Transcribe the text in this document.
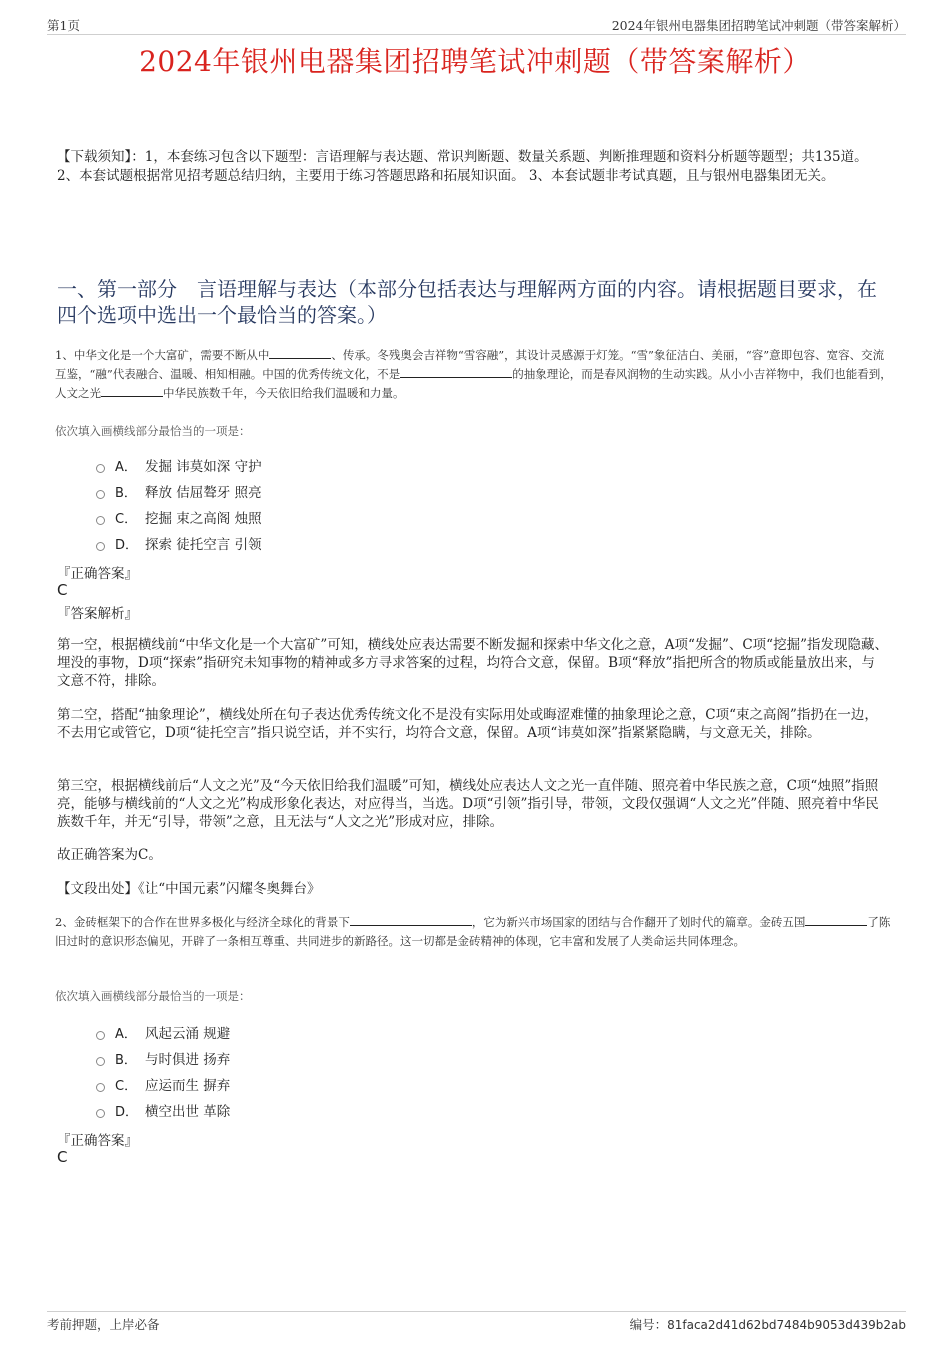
第1页	2024年银州电器集团招聘笔试冲刺题（带答案解析）
2024年银州电器集团招聘笔试冲刺题（带答案解析）
【下载须知】：1，本套练习包含以下题型：言语理解与表达题、常识判断题、数量关系题、判断推理题和资料分析题等题型；共135道。 2、本套试题根据常见招考题总结归纳，主要用于练习答题思路和拓展知识面。 3、本套试题非考试真题，且与银州电器集团无关。
一、第一部分　言语理解与表达（本部分包括表达与理解两方面的内容。请根据题目要求，在四个选项中选出一个最恰当的答案。）
1、中华文化是一个大富矿，需要不断从中	、传承。冬残奥会吉祥物“雪容融”，其设计灵感源于灯笼。“雪”象征洁白、美丽，“容”意即包容、宽容、交流互鉴，“融”代表融合、温暖、相知相融。中国的优秀传统文化，不是	的抽象理论，而是春风润物的生动实践。从小小吉祥物中，我们也能看到，人文之光	中华民族数千年，今天依旧给我们温暖和力量。
依次填入画横线部分最恰当的一项是：
A． 发掘 讳莫如深 守护
B． 释放 佶屈聱牙 照亮
C． 挖掘 束之高阁 烛照
D． 探索 徒托空言 引领
『正确答案』
C
『答案解析』
第一空，根据横线前“中华文化是一个大富矿”可知，横线处应表达需要不断发掘和探索中华文化之意，A项“发掘”、C项“挖掘”指发现隐藏、埋没的事物，D项“探索”指研究未知事物的精神或多方寻求答案的过程，均符合文意，保留。B项“释放”指把所含的物质或能量放出来，与文意不符，排除。
第二空，搭配“抽象理论”，横线处所在句子表达优秀传统文化不是没有实际用处或晦涩难懂的抽象理论之意，C项“束之高阁”指扔在一边，不去用它或管它，D项“徒托空言”指只说空话，并不实行，均符合文意，保留。A项“讳莫如深”指紧紧隐瞒，与文意无关，排除。
第三空，根据横线前后“人文之光”及“今天依旧给我们温暖”可知，横线处应表达人文之光一直伴随、照亮着中华民族之意，C项“烛照”指照亮，能够与横线前的“人文之光”构成形象化表达，对应得当，当选。D项“引领”指引导，带领，文段仅强调“人文之光”伴随、照亮着中华民族数千年，并无“引导，带领”之意，且无法与“人文之光”形成对应，排除。
故正确答案为C。
【文段出处】《让“中国元素”闪耀冬奥舞台》
2、金砖框架下的合作在世界多极化与经济全球化的背景下	，它为新兴市场国家的团结与合作翻开了划时代的篇章。金砖五国	了陈旧过时的意识形态偏见，开辟了一条相互尊重、共同进步的新路径。这一切都是金砖精神的体现，它丰富和发展了人类命运共同体理念。
依次填入画横线部分最恰当的一项是：
A． 风起云涌 规避
B． 与时俱进 扬弃
C． 应运而生 摒弃
D． 横空出世 革除
『正确答案』
C
考前押题，上岸必备	编号：81faca2d41d62bd7484b9053d439b2ab
